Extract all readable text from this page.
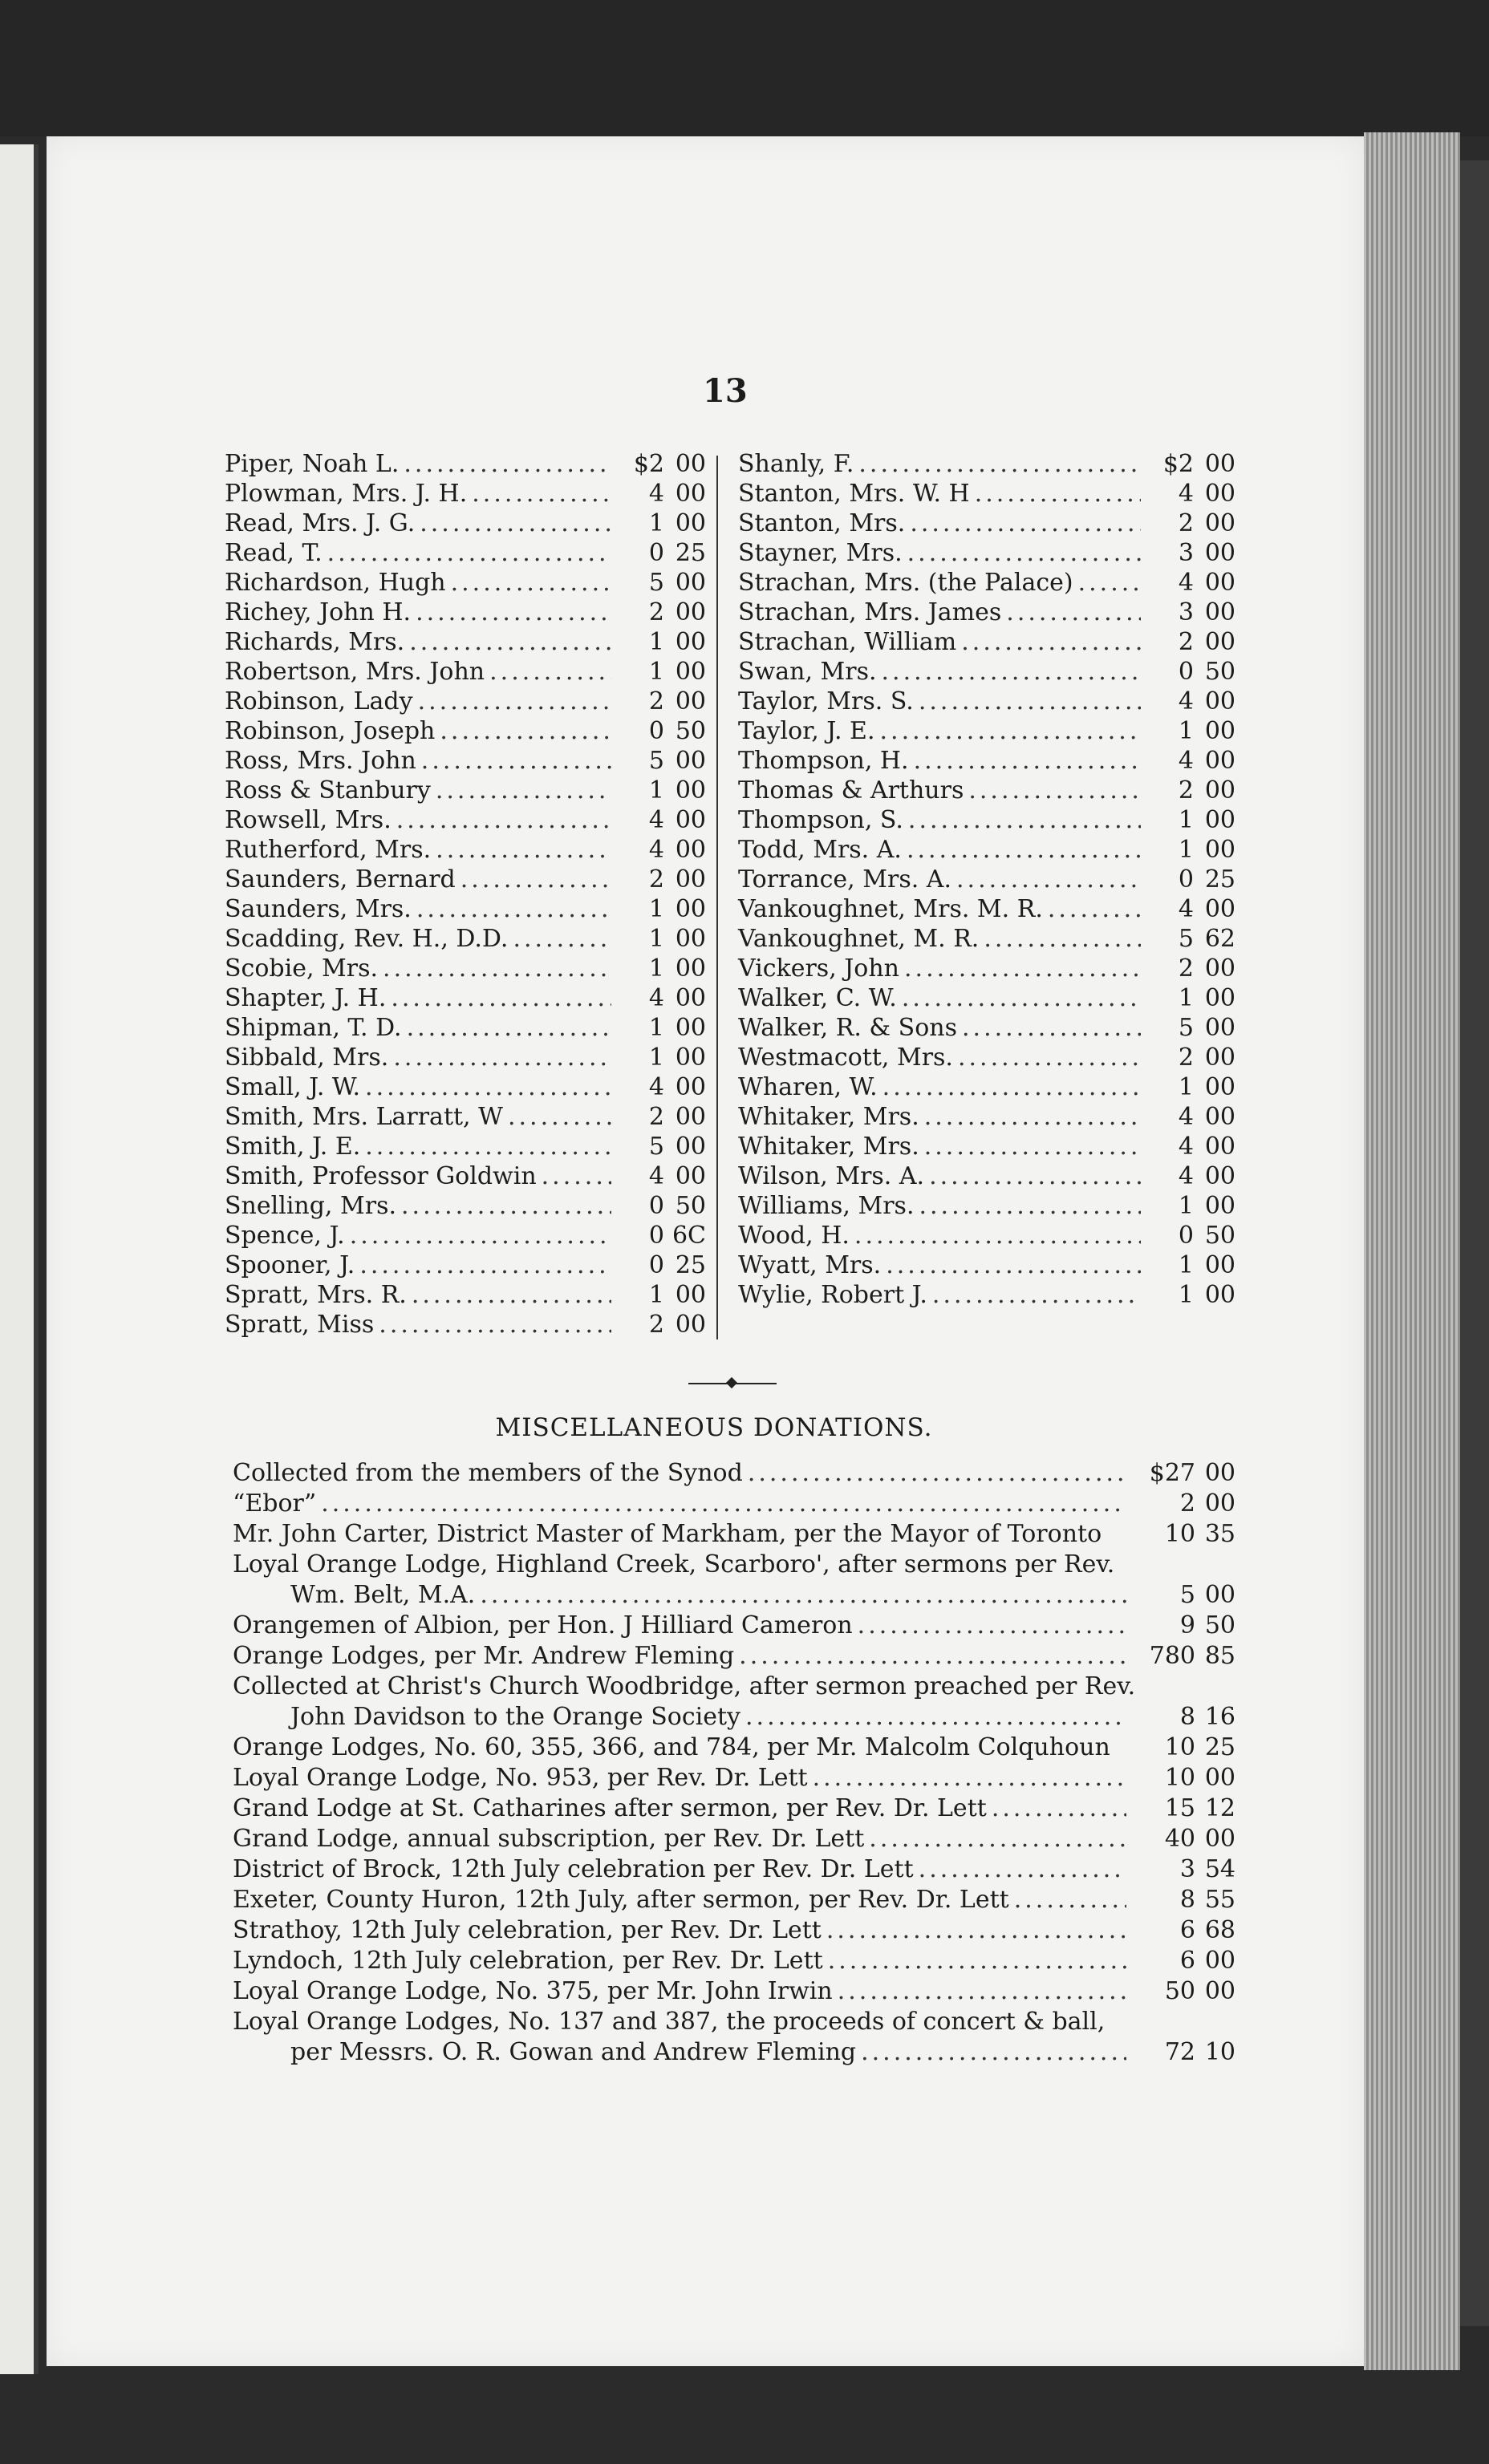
13
Piper, Noah L. .....	$2 00
Plowman, Mrs. J. H. .....	4 00
Read, Mrs. J. G. .....	1 00
Read, T. .....	0 25
Richardson, Hugh .....	5 00
Richey, John H. .....	2 00
Richards, Mrs. .....	1 00
Robertson, Mrs. John .....	1 00
Robinson, Lady .....	2 00
Robinson, Joseph .....	0 50
Ross, Mrs. John .....	5 00
Ross & Stanbury .....	1 00
Rowsell, Mrs. .....	4 00
Rutherford, Mrs. .....	4 00
Saunders, Bernard .....	2 00
Saunders, Mrs. .....	1 00
Scadding, Rev. H., D.D. .....	1 00
Scobie, Mrs. .....	1 00
Shapter, J. H. .....	4 00
Shipman, T. D. .....	1 00
Sibbald, Mrs. .....	1 00
Small, J. W. .....	4 00
Smith, Mrs. Larratt, W .....	2 00
Smith, J. E. .....	5 00
Smith, Professor Goldwin .....	4 00
Snelling, Mrs. .....	0 50
Spence, J. .....	0 6C
Spooner, J. .....	0 25
Spratt, Mrs. R. .....	1 00
Spratt, Miss .....	2 00
Shanly, F. .....	$2 00
Stanton, Mrs. W. H .....	4 00
Stanton, Mrs. .....	2 00
Stayner, Mrs. .....	3 00
Strachan, Mrs. (the Palace) .....	4 00
Strachan, Mrs. James .....	3 00
Strachan, William .....	2 00
Swan, Mrs. .....	0 50
Taylor, Mrs. S. .....	4 00
Taylor, J. E. .....	1 00
Thompson, H. .....	4 00
Thomas & Arthurs .....	2 00
Thompson, S. .....	1 00
Todd, Mrs. A. .....	1 00
Torrance, Mrs. A. .....	0 25
Vankoughnet, Mrs. M. R. .....	4 00
Vankoughnet, M. R. .....	5 62
Vickers, John .....	2 00
Walker, C. W. .....	1 00
Walker, R. & Sons .....	5 00
Westmacott, Mrs. .....	2 00
Wharen, W. .....	1 00
Whitaker, Mrs. .....	4 00
Whitaker, Mrs. .....	4 00
Wilson, Mrs. A. .....	4 00
Williams, Mrs. .....	1 00
Wood, H. .....	0 50
Wyatt, Mrs. .....	1 00
Wylie, Robert J. .....	1 00
MISCELLANEOUS DONATIONS.
Collected from the members of the Synod .....	$27 00
“Ebor” .....	2 00
Mr. John Carter, District Master of Markham, per the Mayor of Toronto	10 35
Loyal Orange Lodge, Highland Creek, Scarboro', after sermons per Rev.
Wm. Belt, M.A. .....	5 00
Orangemen of Albion, per Hon. J Hilliard Cameron .....	9 50
Orange Lodges, per Mr. Andrew Fleming .....	780 85
Collected at Christ's Church Woodbridge, after sermon preached per Rev.
John Davidson to the Orange Society .....	8 16
Orange Lodges, No. 60, 355, 366, and 784, per Mr. Malcolm Colquhoun	10 25
Loyal Orange Lodge, No. 953, per Rev. Dr. Lett .....	10 00
Grand Lodge at St. Catharines after sermon, per Rev. Dr. Lett .....	15 12
Grand Lodge, annual subscription, per Rev. Dr. Lett .....	40 00
District of Brock, 12th July celebration per Rev. Dr. Lett .....	3 54
Exeter, County Huron, 12th July, after sermon, per Rev. Dr. Lett .....	8 55
Strathoy, 12th July celebration, per Rev. Dr. Lett .....	6 68
Lyndoch, 12th July celebration, per Rev. Dr. Lett .....	6 00
Loyal Orange Lodge, No. 375, per Mr. John Irwin .....	50 00
Loyal Orange Lodges, No. 137 and 387, the proceeds of concert & ball,
per Messrs. O. R. Gowan and Andrew Fleming .....	72 10
